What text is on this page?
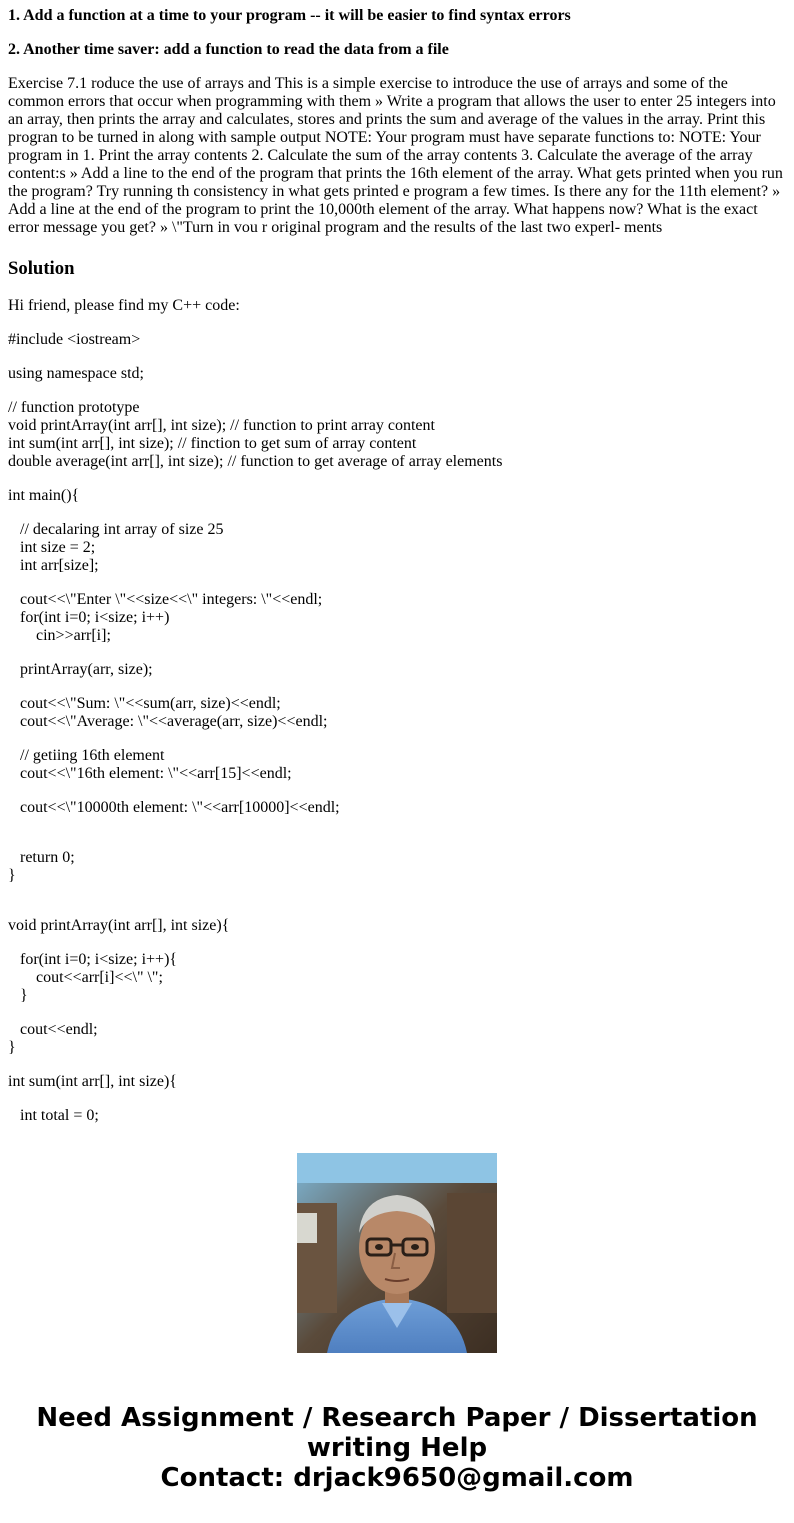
1. Add a function at a time to your program -- it will be easier to find syntax errors
2. Another time saver: add a function to read the data from a file
Exercise 7.1 roduce the use of arrays and This is a simple exercise to introduce the use of arrays and some of the common errors that occur when programming with them » Write a program that allows the user to enter 25 integers into an array, then prints the array and calculates, stores and prints the sum and average of the values in the array. Print this progran to be turned in along with sample output NOTE: Your program must have separate functions to: NOTE: Your program in 1. Print the array contents 2. Calculate the sum of the array contents 3. Calculate the average of the array content:s » Add a line to the end of the program that prints the 16th element of the array. What gets printed when you run the program? Try running th consistency in what gets printed e program a few times. Is there any for the 11th element? » Add a line at the end of the program to print the 10,000th element of the array. What happens now? What is the exact error message you get? » \"Turn in vou r original program and the results of the last two experl- ments
Solution
Hi friend, please find my C++ code:
#include <iostream>
using namespace std;
// function prototype
void printArray(int arr[], int size); // function to print array content
int sum(int arr[], int size); // finction to get sum of array content
double average(int arr[], int size); // function to get average of array elements
int main(){
// decalaring int array of size 25
int size = 2;
int arr[size];
cout<<\"Enter \"<<size<<\" integers: \"<<endl;
for(int i=0; i<size; i++)
cin>>arr[i];
printArray(arr, size);
cout<<\"Sum: \"<<sum(arr, size)<<endl;
cout<<\"Average: \"<<average(arr, size)<<endl;
// getiing 16th element
cout<<\"16th element: \"<<arr[15]<<endl;
cout<<\"10000th element: \"<<arr[10000]<<endl;
return 0;
}
void printArray(int arr[], int size){
for(int i=0; i<size; i++){
cout<<arr[i]<<\" \";
}
cout<<endl;
}
int sum(int arr[], int size){
int total = 0;
Need Assignment / Research Paper / Dissertation
writing Help
Contact: drjack9650@gmail.com
